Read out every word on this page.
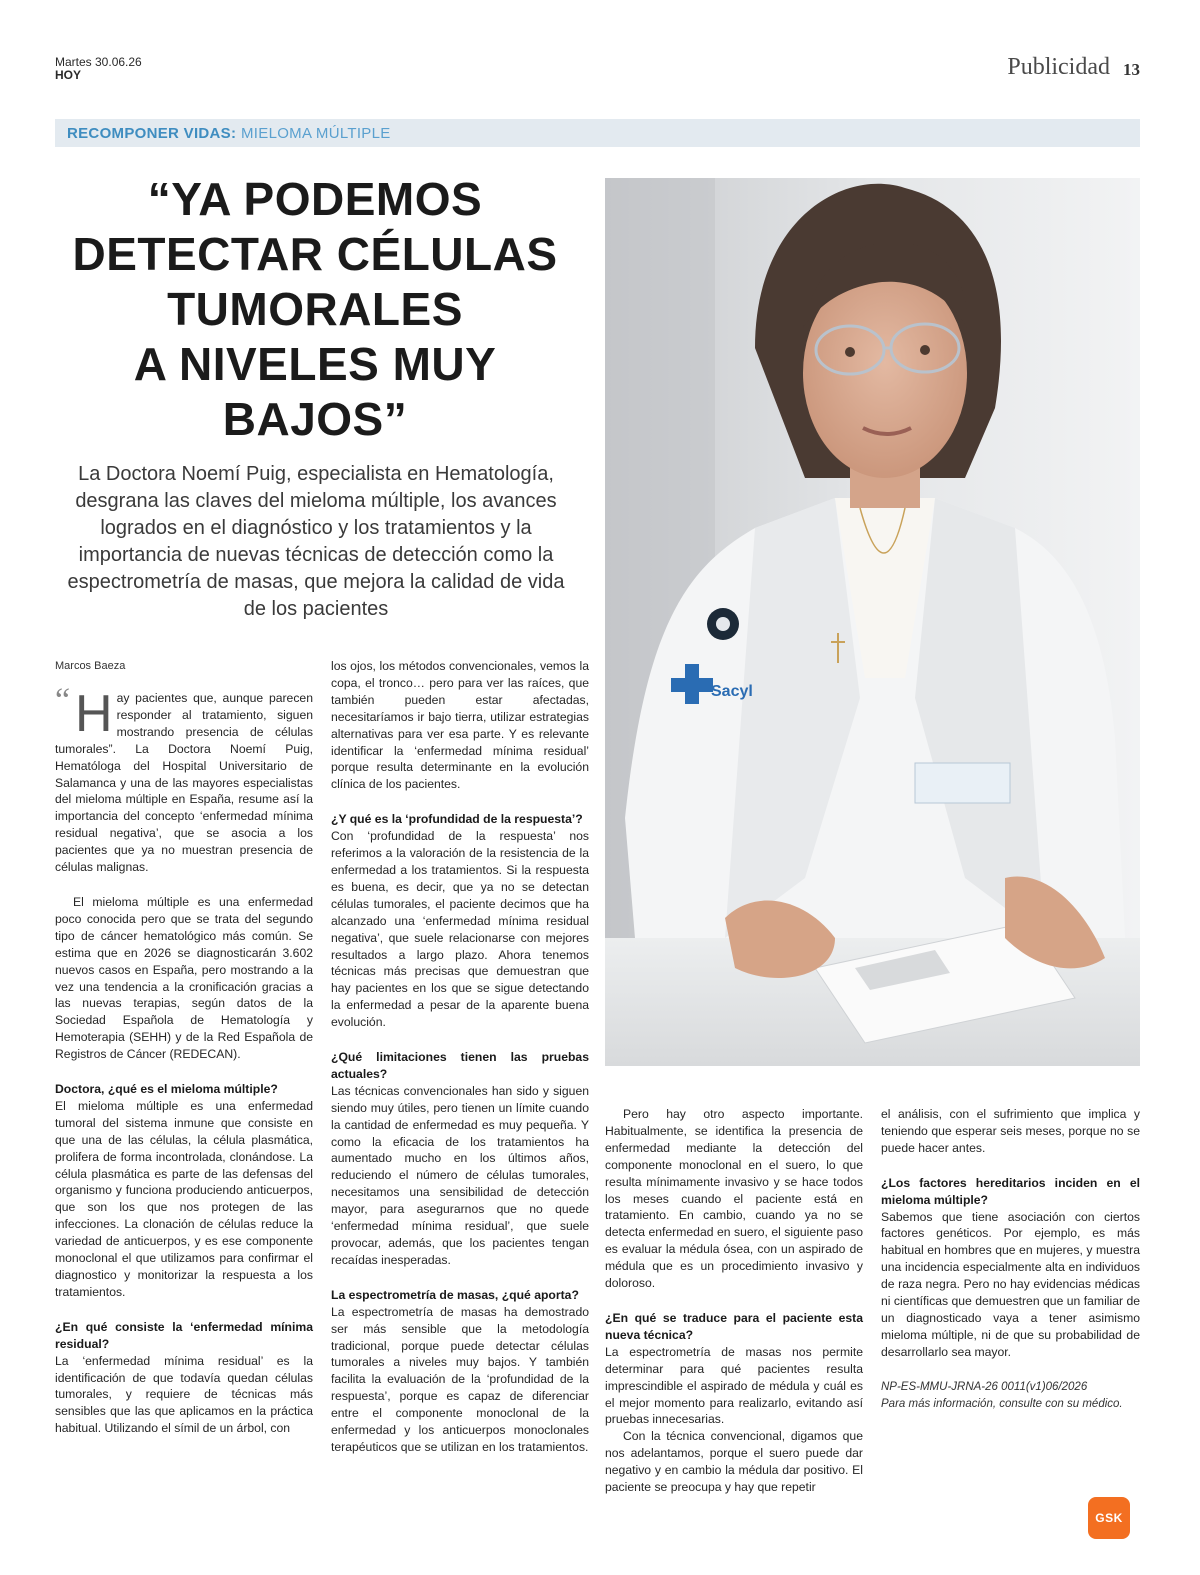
Martes 30.06.26
HOY	Publicidad 13
RECOMPONER VIDAS: MIELOMA MÚLTIPLE
“YA PODEMOS
DETECTAR CÉLULAS
TUMORALES
A NIVELES MUY
BAJOS”
La Doctora Noemí Puig, especialista en Hematología, desgrana las claves del mieloma múltiple, los avances logrados en el diagnóstico y los tratamientos y la importancia de nuevas técnicas de detección como la espectrometría de masas, que mejora la calidad de vida de los pacientes
Sacyl
Marcos Baeza
“ H ay pacientes que, aunque parecen responder al tratamiento, siguen mostrando presencia de células tumorales”. La Doctora Noemí Puig, Hematóloga del Hospital Universitario de Salamanca y una de las mayores especialistas del mieloma múltiple en España, resume así la importancia del concepto ‘enfermedad mínima residual negativa’, que se asocia a los pacientes que ya no muestran presencia de células malignas.

El mieloma múltiple es una enfermedad poco conocida pero que se trata del segundo tipo de cáncer hematológico más común. Se estima que en 2026 se diagnosticarán 3.602 nuevos casos en España, pero mostrando a la vez una tendencia a la cronificación gracias a las nuevas terapias, según datos de la Sociedad Española de Hematología y Hemoterapia (SEHH) y de la Red Española de Registros de Cáncer (REDECAN).

Doctora, ¿qué es el mieloma múltiple?

El mieloma múltiple es una enfermedad tumoral del sistema inmune que consiste en que una de las células, la célula plasmática, prolifera de forma incontrolada, clonándose. La célula plasmática es parte de las defensas del organismo y funciona produciendo anticuerpos, que son los que nos protegen de las infecciones. La clonación de células reduce la variedad de anticuerpos, y es ese componente monoclonal el que utilizamos para confirmar el diagnostico y monitorizar la respuesta a los tratamientos.

¿En qué consiste la ‘enfermedad mínima residual?

La ‘enfermedad mínima residual’ es la identificación de que todavía quedan células tumorales, y requiere de técnicas más sensibles que las que aplicamos en la práctica habitual. Utilizando el símil de un árbol, con

los ojos, los métodos convencionales, vemos la copa, el tronco… pero para ver las raíces, que también pueden estar afectadas, necesitaríamos ir bajo tierra, utilizar estrategias alternativas para ver esa parte. Y es relevante identificar la ‘enfermedad mínima residual’ porque resulta determinante en la evolución clínica de los pacientes.

¿Y qué es la ‘profundidad de la respuesta’?

Con ‘profundidad de la respuesta’ nos referimos a la valoración de la resistencia de la enfermedad a los tratamientos. Si la respuesta es buena, es decir, que ya no se detectan células tumorales, el paciente decimos que ha alcanzado una ‘enfermedad mínima residual negativa’, que suele relacionarse con mejores resultados a largo plazo. Ahora tenemos técnicas más precisas que demuestran que hay pacientes en los que se sigue detectando la enfermedad a pesar de la aparente buena evolución.

¿Qué limitaciones tienen las pruebas actuales?

Las técnicas convencionales han sido y siguen siendo muy útiles, pero tienen un límite cuando la cantidad de enfermedad es muy pequeña. Y como la eficacia de los tratamientos ha aumentado mucho en los últimos años, reduciendo el número de células tumorales, necesitamos una sensibilidad de detección mayor, para asegurarnos que no quede ‘enfermedad mínima residual’, que suele provocar, además, que los pacientes tengan recaídas inesperadas.

La espectrometría de masas, ¿qué aporta?

La espectrometría de masas ha demostrado ser más sensible que la metodología tradicional, porque puede detectar células tumorales a niveles muy bajos. Y también facilita la evaluación de la ‘profundidad de la respuesta’, porque es capaz de diferenciar entre el componente monoclonal de la enfermedad y los anticuerpos monoclonales terapéuticos que se utilizan en los tratamientos.

Pero hay otro aspecto importante. Habitualmente, se identifica la presencia de enfermedad mediante la detección del componente monoclonal en el suero, lo que resulta mínimamente invasivo y se hace todos los meses cuando el paciente está en tratamiento. En cambio, cuando ya no se detecta enfermedad en suero, el siguiente paso es evaluar la médula ósea, con un aspirado de médula que es un procedimiento invasivo y doloroso.

¿En qué se traduce para el paciente esta nueva técnica?

La espectrometría de masas nos permite determinar para qué pacientes resulta imprescindible el aspirado de médula y cuál es el mejor momento para realizarlo, evitando así pruebas innecesarias.

Con la técnica convencional, digamos que nos adelantamos, porque el suero puede dar negativo y en cambio la médula dar positivo. El paciente se preocupa y hay que repetir

el análisis, con el sufrimiento que implica y teniendo que esperar seis meses, porque no se puede hacer antes.

¿Los factores hereditarios inciden en el mieloma múltiple?

Sabemos que tiene asociación con ciertos factores genéticos. Por ejemplo, es más habitual en hombres que en mujeres, y muestra una incidencia especialmente alta en individuos de raza negra. Pero no hay evidencias médicas ni científicas que demuestren que un familiar de un diagnosticado vaya a tener asimismo mieloma múltiple, ni de que su probabilidad de desarrollarlo sea mayor.

NP-ES-MMU-JRNA-26 0011(v1)06/2026

Para más información, consulte con su médico.

GSK
